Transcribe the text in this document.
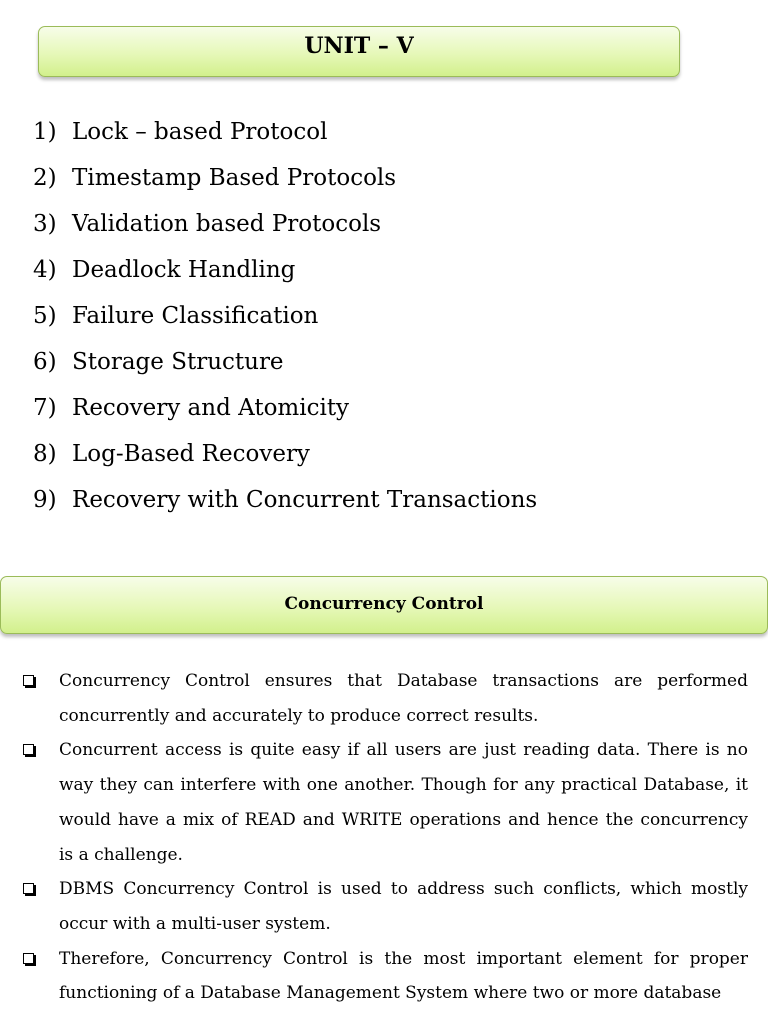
UNIT – V
1) Lock – based Protocol
2) Timestamp Based Protocols
3) Validation based Protocols
4) Deadlock Handling
5) Failure Classification
6) Storage Structure
7) Recovery and Atomicity
8) Log-Based Recovery
9) Recovery with Concurrent Transactions
Concurrency Control
Concurrency Control ensures that Database transactions are performed concurrently and accurately to produce correct results.
Concurrent access is quite easy if all users are just reading data. There is no way they can interfere with one another. Though for any practical Database, it would have a mix of READ and WRITE operations and hence the concurrency is a challenge.
DBMS Concurrency Control is used to address such conflicts, which mostly occur with a multi-user system.
Therefore, Concurrency Control is the most important element for proper functioning of a Database Management System where two or more database
